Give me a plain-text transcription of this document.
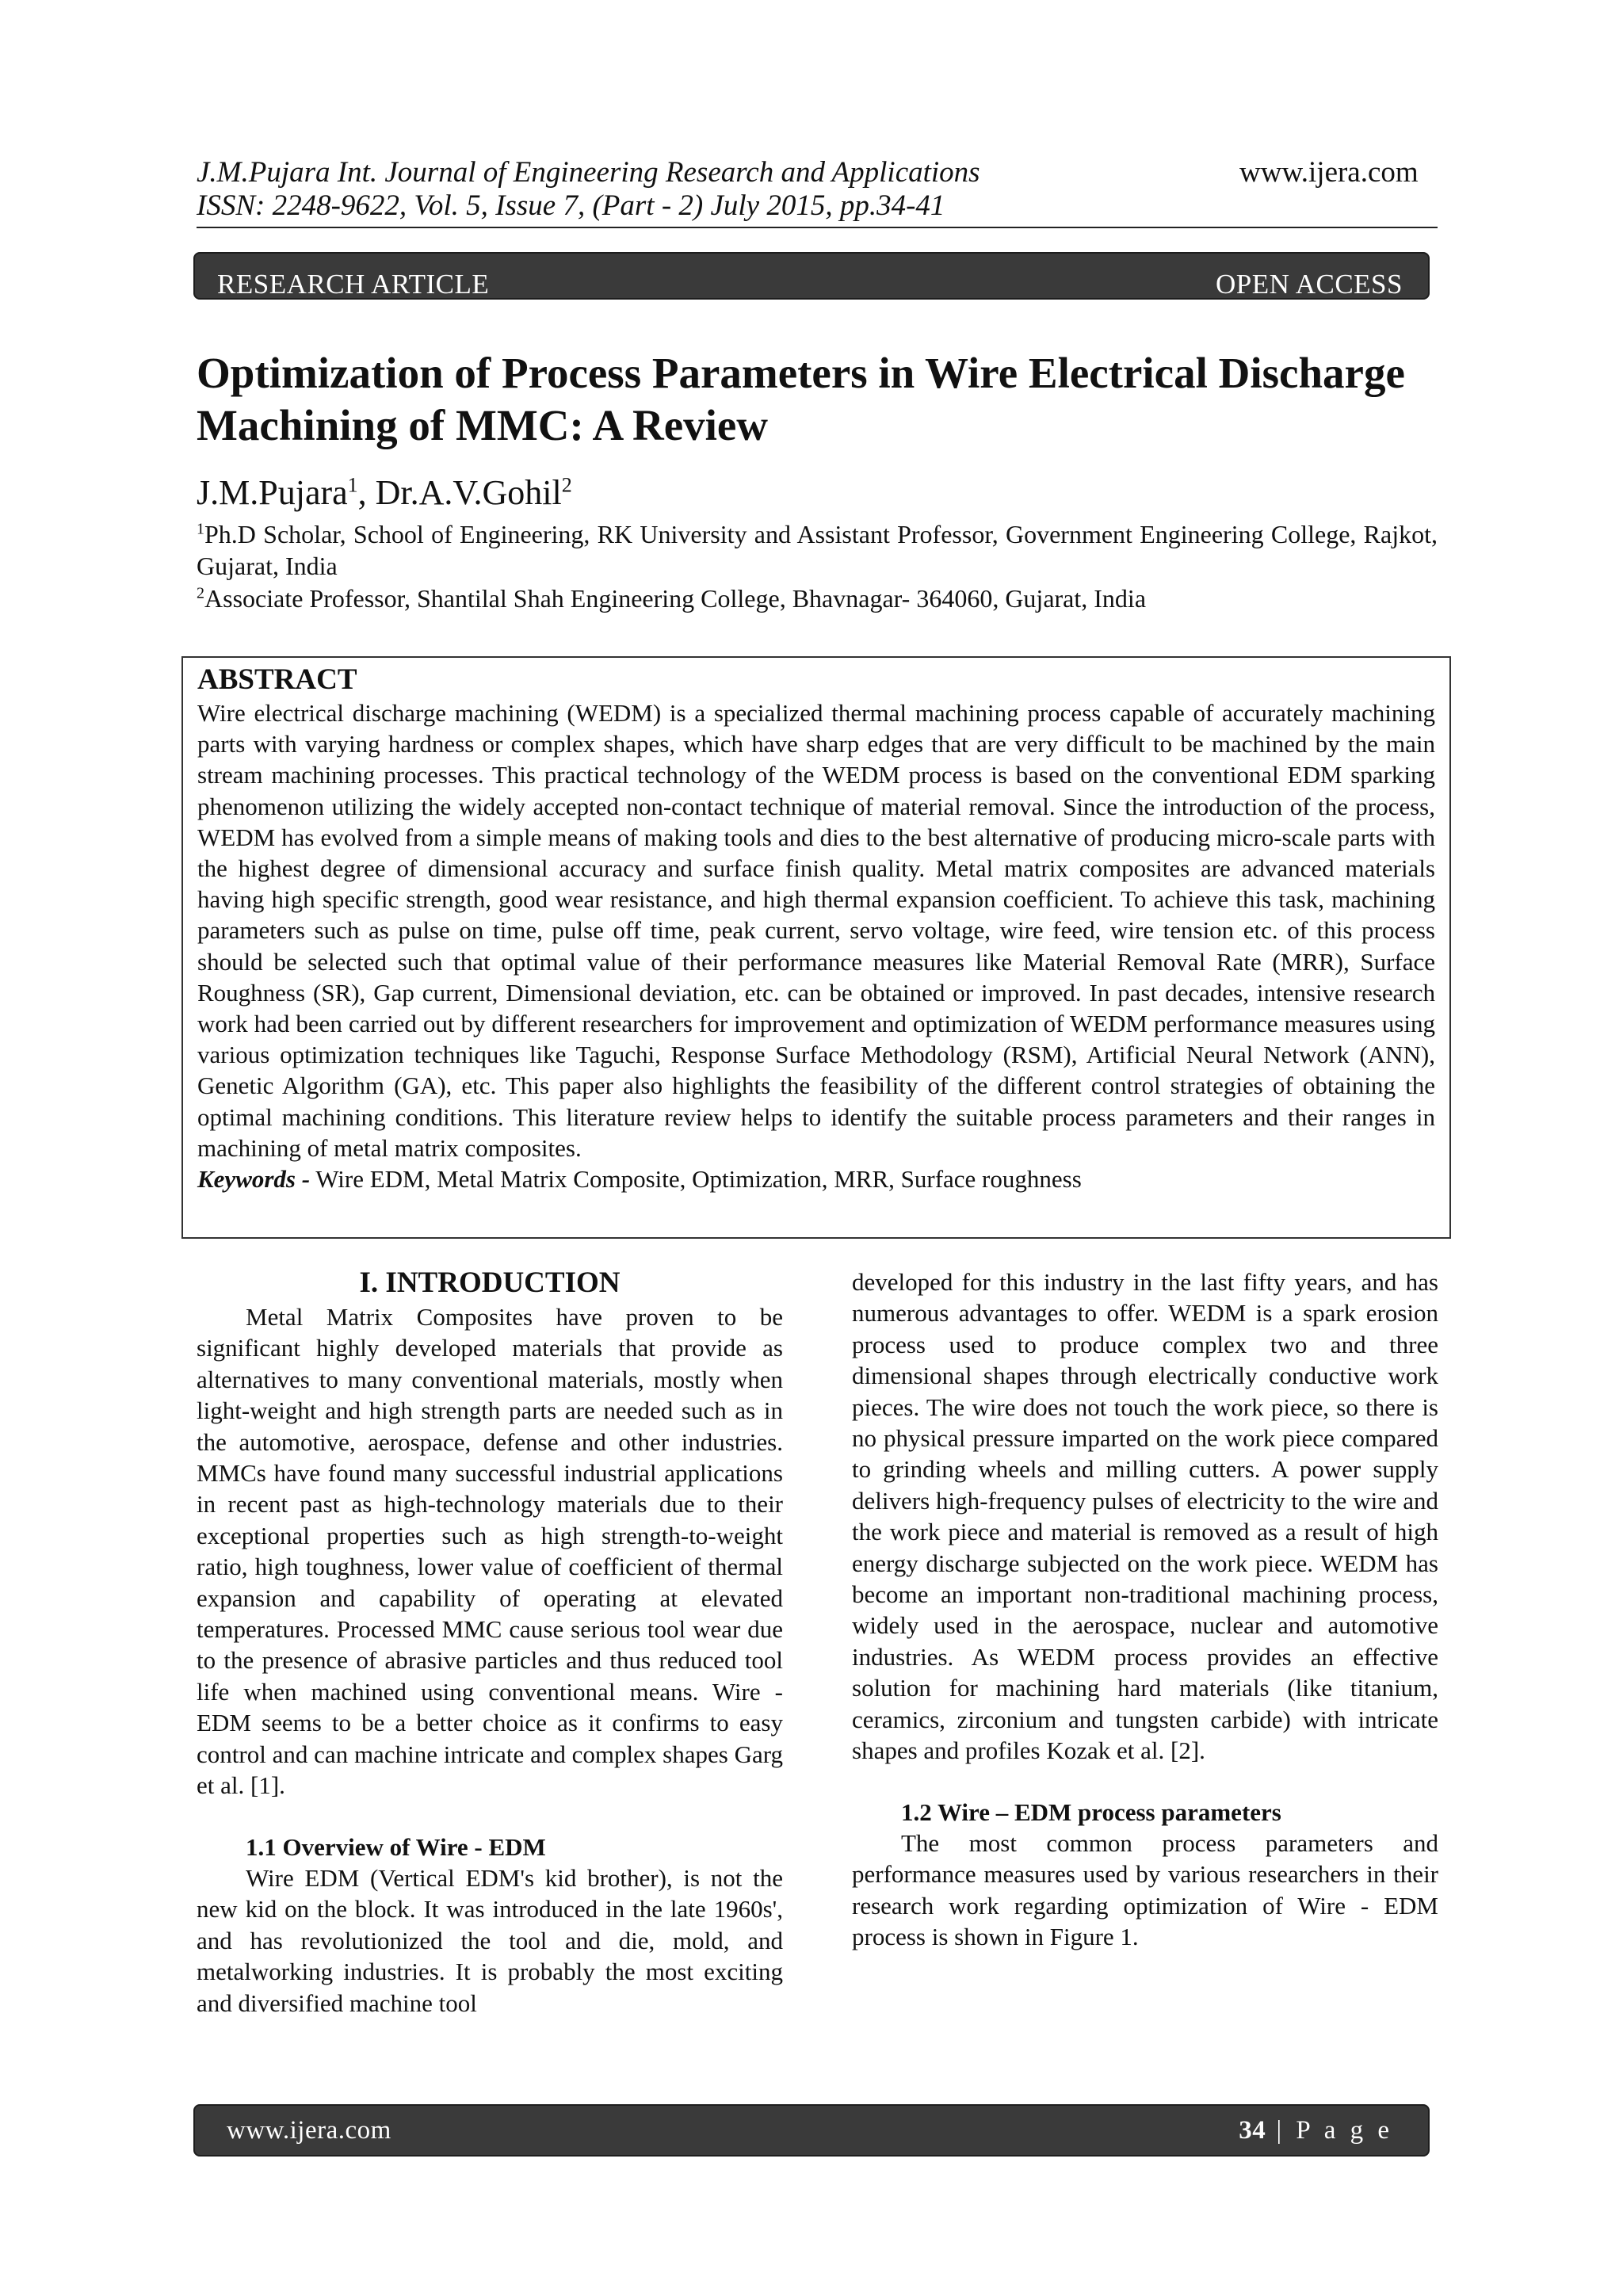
J.M.Pujara Int. Journal of Engineering Research and Applications
ISSN: 2248-9622, Vol. 5, Issue 7, (Part - 2) July 2015, pp.34-41
www.ijera.com
RESEARCH ARTICLE	OPEN ACCESS
Optimization of Process Parameters in Wire Electrical Discharge Machining of MMC: A Review
J.M.Pujara$^1$, Dr.A.V.Gohil$^2$
$^1$Ph.D Scholar, School of Engineering, RK University and Assistant Professor, Government Engineering College, Rajkot, Gujarat, India
$^2$Associate Professor, Shantilal Shah Engineering College, Bhavnagar- 364060, Gujarat, India
ABSTRACT
Wire electrical discharge machining (WEDM) is a specialized thermal machining process capable of accurately machining parts with varying hardness or complex shapes, which have sharp edges that are very difficult to be machined by the main stream machining processes. This practical technology of the WEDM process is based on the conventional EDM sparking phenomenon utilizing the widely accepted non-contact technique of material removal. Since the introduction of the process, WEDM has evolved from a simple means of making tools and dies to the best alternative of producing micro-scale parts with the highest degree of dimensional accuracy and surface finish quality. Metal matrix composites are advanced materials having high specific strength, good wear resistance, and high thermal expansion coefficient. To achieve this task, machining parameters such as pulse on time, pulse off time, peak current, servo voltage, wire feed, wire tension etc. of this process should be selected such that optimal value of their performance measures like Material Removal Rate (MRR), Surface Roughness (SR), Gap current, Dimensional deviation, etc. can be obtained or improved. In past decades, intensive research work had been carried out by different researchers for improvement and optimization of WEDM performance measures using various optimization techniques like Taguchi, Response Surface Methodology (RSM), Artificial Neural Network (ANN), Genetic Algorithm (GA), etc. This paper also highlights the feasibility of the different control strategies of obtaining the optimal machining conditions. This literature review helps to identify the suitable process parameters and their ranges in machining of metal matrix composites.
Keywords - Wire EDM, Metal Matrix Composite, Optimization, MRR, Surface roughness
I. INTRODUCTION

Metal Matrix Composites have proven to be significant highly developed materials that provide as alternatives to many conventional materials, mostly when light-weight and high strength parts are needed such as in the automotive, aerospace, defense and other industries. MMCs have found many successful industrial applications in recent past as high-technology materials due to their exceptional properties such as high strength-to-weight ratio, high toughness, lower value of coefficient of thermal expansion and capability of operating at elevated temperatures. Processed MMC cause serious tool wear due to the presence of abrasive particles and thus reduced tool life when machined using conventional means. Wire - EDM seems to be a better choice as it confirms to easy control and can machine intricate and complex shapes Garg et al. [1].

1.1 Overview of Wire - EDM

Wire EDM (Vertical EDM's kid brother), is not the new kid on the block. It was introduced in the late 1960s', and has revolutionized the tool and die, mold, and metalworking industries. It is probably the most exciting and diversified machine tool

developed for this industry in the last fifty years, and has numerous advantages to offer. WEDM is a spark erosion process used to produce complex two and three dimensional shapes through electrically conductive work pieces. The wire does not touch the work piece, so there is no physical pressure imparted on the work piece compared to grinding wheels and milling cutters. A power supply delivers high-frequency pulses of electricity to the wire and the work piece and material is removed as a result of high energy discharge subjected on the work piece. WEDM has become an important non-traditional machining process, widely used in the aerospace, nuclear and automotive industries. As WEDM process provides an effective solution for machining hard materials (like titanium, ceramics, zirconium and tungsten carbide) with intricate shapes and profiles Kozak et al. [2].

1.2 Wire – EDM process parameters

The most common process parameters and performance measures used by various researchers in their research work regarding optimization of Wire - EDM process is shown in Figure 1.

www.ijera.com	34 | P a g e
